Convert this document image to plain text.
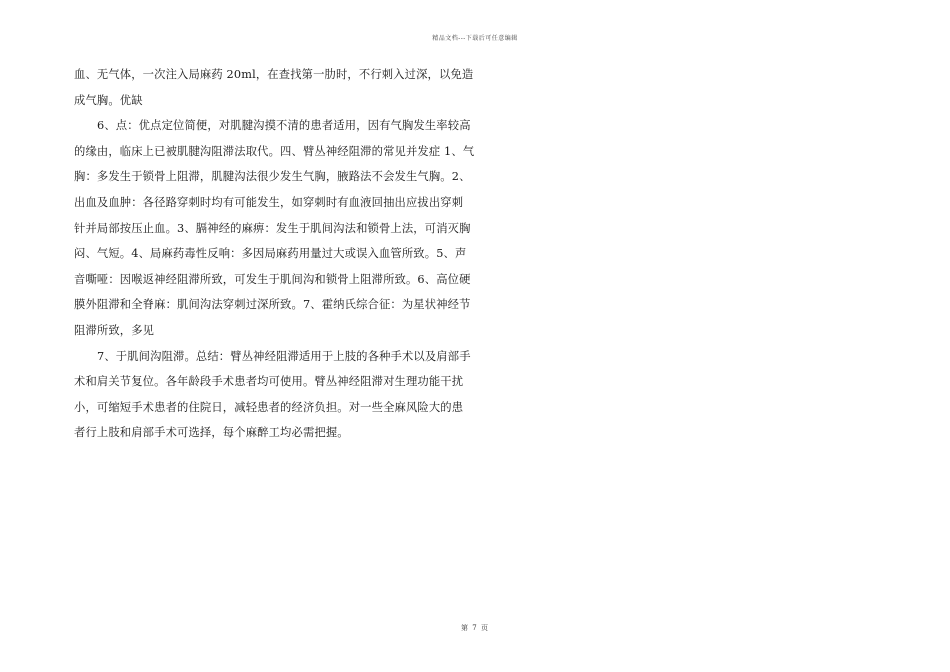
精品文档---下载后可任意编辑
血、无气体，一次注入局麻药 20ml，在查找第一肋时，不行刺入过深，以免造
成气胸。优缺
6、点：优点定位简便，对肌腱沟摸不清的患者适用，因有气胸发生率较高
的缘由，临床上已被肌腱沟阻滞法取代。四、臂丛神经阻滞的常见并发症 1、气
胸：多发生于锁骨上阻滞，肌腱沟法很少发生气胸，腋路法不会发生气胸。2、
出血及血肿：各径路穿刺时均有可能发生，如穿刺时有血液回抽出应拔出穿刺
针并局部按压止血。3、膈神经的麻痹：发生于肌间沟法和锁骨上法，可消灭胸
闷、气短。4、局麻药毒性反响：多因局麻药用量过大或误入血管所致。5、声
音嘶哑：因喉返神经阻滞所致，可发生于肌间沟和锁骨上阻滞所致。6、高位硬
膜外阻滞和全脊麻：肌间沟法穿刺过深所致。7、霍纳氏综合征：为星状神经节
阻滞所致，多见
7、于肌间沟阻滞。总结：臂丛神经阻滞适用于上肢的各种手术以及肩部手
术和肩关节复位。各年龄段手术患者均可使用。臂丛神经阻滞对生理功能干扰
小，可缩短手术患者的住院日，减轻患者的经济负担。对一些全麻风险大的患
者行上肢和肩部手术可选择，每个麻醉工均必需把握。
第 7 页
